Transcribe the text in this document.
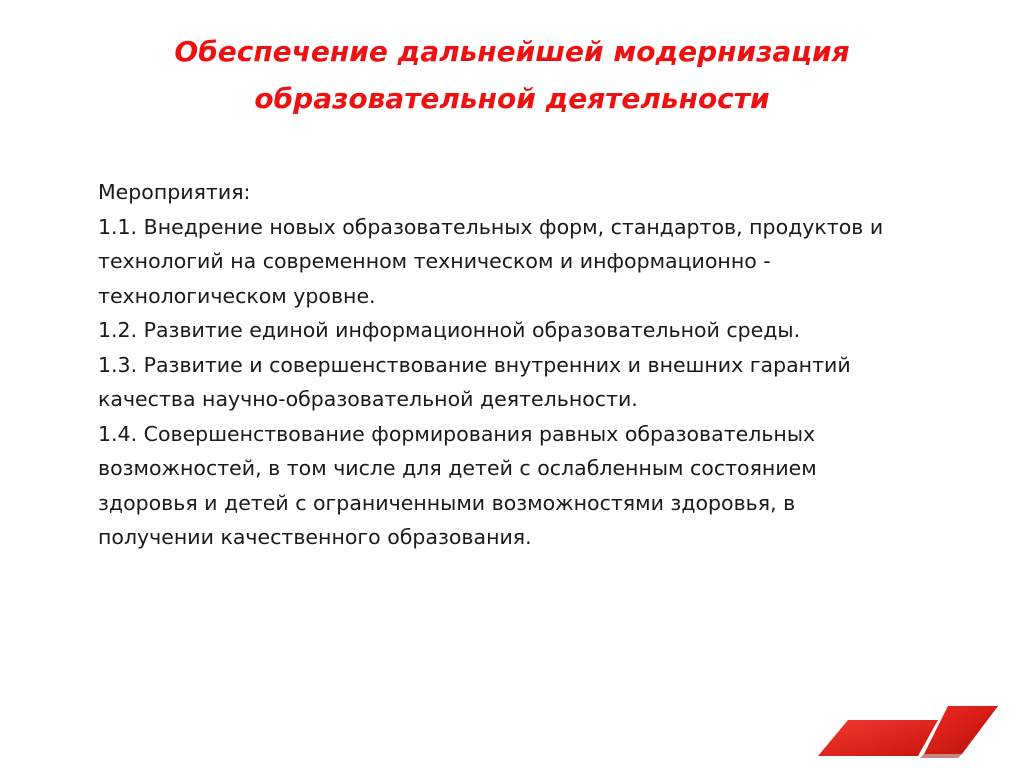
Обеспечение дальнейшей модернизация
образовательной деятельности
Мероприятия:
1.1. Внедрение новых образовательных форм, стандартов, продуктов и
технологий на современном техническом и информационно -
технологическом уровне.
1.2. Развитие единой информационной образовательной среды.
1.3. Развитие и совершенствование внутренних и внешних гарантий
качества научно-образовательной деятельности.
1.4. Совершенствование формирования равных образовательных
возможностей, в том числе для детей с ослабленным состоянием
здоровья и детей с ограниченными возможностями здоровья, в
получении качественного образования.
